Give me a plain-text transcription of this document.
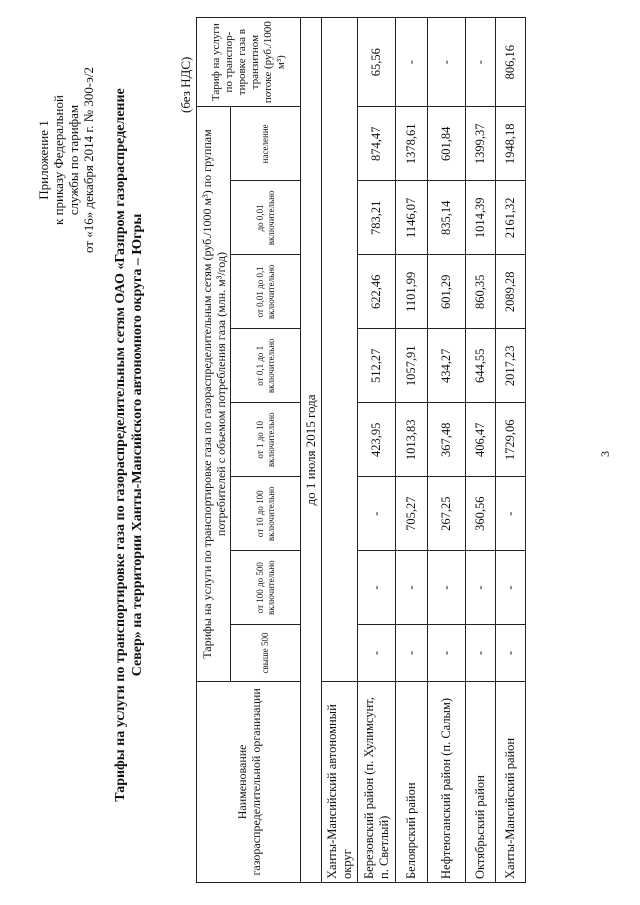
Приложение 1 к приказу Федеральной службы по тарифам от «16» декабря 2014 г. № 300-э/2 Тарифы на услуги по транспортировке газа по газораспределительным сетям ОАО «Газпром газораспределение Север» на территории Ханты-Мансийского автономного округа – Югры
(без НДС)
Наименование газораспределительной организации	Тарифы на услуги по транспортировке газа по газораспределительным сетям (руб./1000 м³) по группам потребителей с объемом потребления газа (млн. м³/год)								Тариф на услуги по транспор-тировке газа в транзитном потоке (руб./1000 м³)
	свыше 500	от 100 до 500 включительно	от 10 до 100 включительно	от 1 до 10 включительно	от 0,1 до 1 включительно	от 0,01 до 0,1 включительно	до 0,01 включительно	население	
до 1 июля 2015 года									
Ханты-Мансийский автономный округ									
Березовский район (п. Хулимсунт, п. Светлый)	-	-	-	423,95	512,27	622,46	783,21	874,47	65,56
Белоярский район	-	-	705,27	1013,83	1057,91	1101,99	1146,07	1378,61	-
Нефтеюганский район (п. Салым)	-	-	267,25	367,48	434,27	601,29	835,14	601,84	-
Октябрьский район	-	-	360,56	406,47	644,55	860,35	1014,39	1399,37	-
Ханты-Мансийский район	-	-	-	1729,06	2017,23	2089,28	2161,32	1948,18	806,16
3
